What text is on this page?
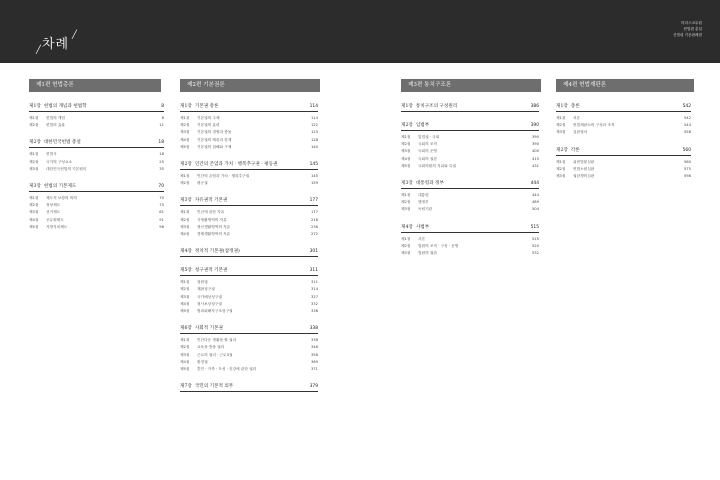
╱
차례
╱
머리스코무원
헌법편 총설
산법령 기준판례집
제1편 헌법총론	제2편 기본권론	제3편 통치구조론	제4편 헌법재판론
제1장 헌법의 개념과 헌법학	8
제1절	헌법의 개념	8
제2절	헌법의 효율	11
제2장 대한민국헌법 총설	18
제1절	헌법사	18
제2절	국가의 구성요소	25
제3절	대한민국헌법의 기본원리	35
제3장 헌법의 기본제도	70
제1절	제도적 보장의 의의	70
제2절	정당제도	70
제3절	선거제도	81
제4절	공무원제도	91
제5절	지방자치제도	96
제1장 기본권 총론	114
제1절	기본권의 주체	114
제2절	기본권의 효력	122
제3절	기본권의 경합과 충돌	125
제4절	기본권의 제한과 한계	128
제5절	기본권의 침해와 구제	140
제2장 인간의 존엄과 가치 · 행복추구권 · 평등권	145
제1절	인간의 존엄과 가치 · 행복추구권	145
제2절	평등권	159
제3장 자유권적 기본권	177
제1절	인신에 관한 자유	177
제2절	사생활영역의 자유	218
제3절	정신생활영역의 자유	236
제4절	경제생활영역의 자유	272
제4장 정치적 기본권(참정권)	301
제5장 청구권적 기본권	311
제1절	청원권	311
제2절	재판청구권	314
제3절	국가배상청구권	327
제4절	형사보상청구권	332
제5절	범죄피해자구조청구권	336
제6장 사회적 기본권	338
제1절	인간다운 생활을 할 권리	338
제2절	교육을 받을 권리	346
제3절	근로의 권리 · 근로3권	358
제4절	환경권	369
제5절	혼인 · 가족 · 모성 · 건강에 관한 권리	371
제7장 국민의 기본적 의무	379
제1장 통치구조의 구성원리	386
제2장 입법부	390
제1절	입법권 · 국회	390
제2절	국회의 조직	390
제3절	국회의 운영	400
제4절	국회의 권한	415
제5절	국회의원의 지위와 특권	431
제3장 대통령과 정부	444
제1절	대통령	444
제2절	행정부	489
제3절	독립기관	504
제4장 사법부	515
제1절	서론	515
제2절	법원의 조직 · 구성 · 운영	520
제3절	법원의 권한	532
제1장 총론	542
제1절	서론	542
제2절	헌법재판소의 구성과 조직	544
제3절	심판절차	558
제2장 각론	560
제1절	위헌법률심판	560
제2절	헌법소원심판	575
제3절	권한쟁의심판	598
